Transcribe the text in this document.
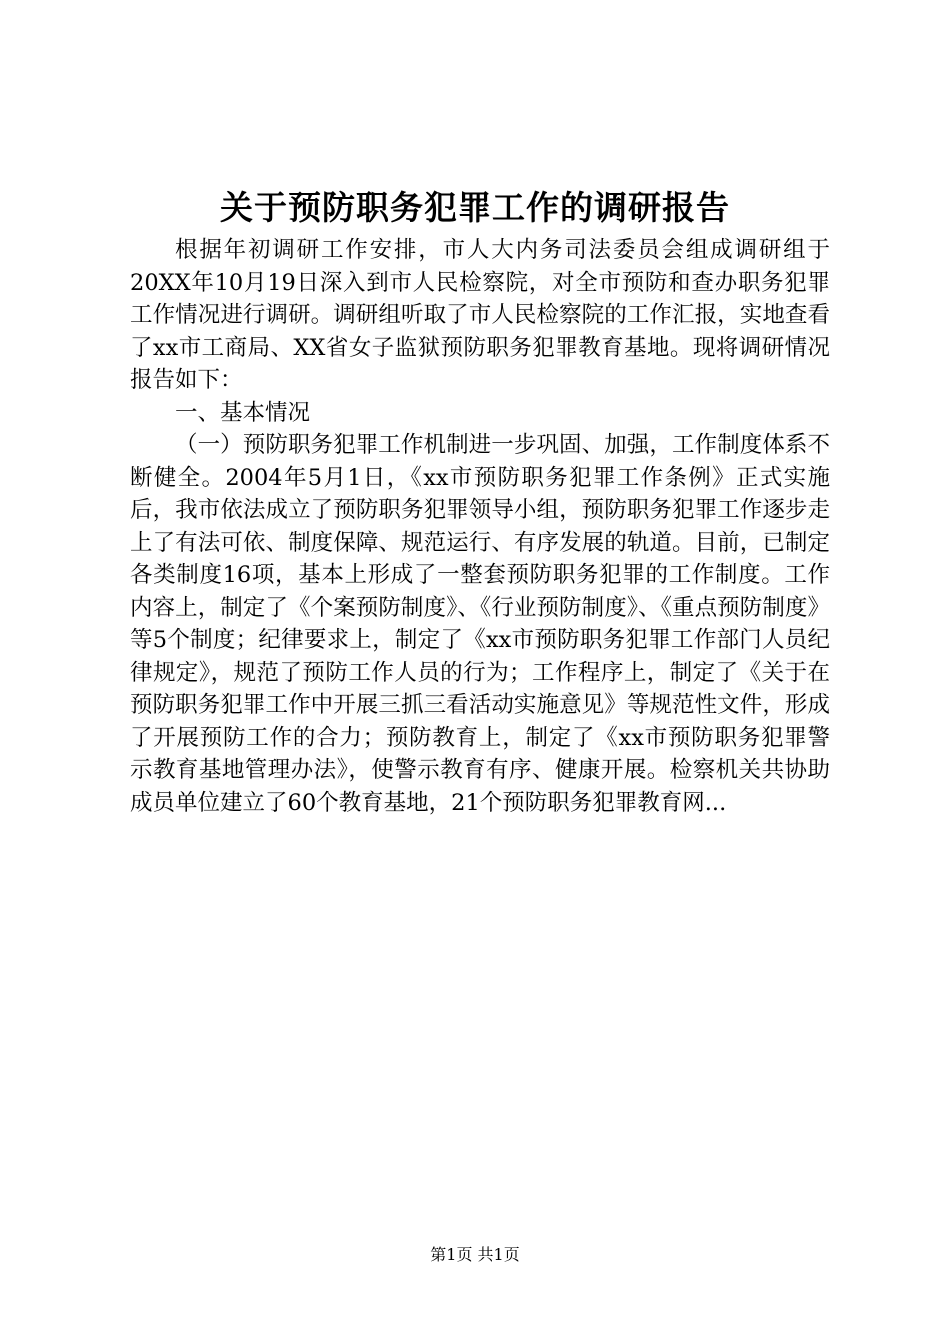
关于预防职务犯罪工作的调研报告

根据年初调研工作安排，市人大内务司法委员会组成调研组于20XX年10月19日深入到市人民检察院，对全市预防和查办职务犯罪工作情况进行调研。调研组听取了市人民检察院的工作汇报，实地查看了xx市工商局、XX省女子监狱预防职务犯罪教育基地。现将调研情况报告如下：

一、基本情况

（一）预防职务犯罪工作机制进一步巩固、加强，工作制度体系不断健全。2004年5月1日，《xx市预防职务犯罪工作条例》正式实施后，我市依法成立了预防职务犯罪领导小组，预防职务犯罪工作逐步走上了有法可依、制度保障、规范运行、有序发展的轨道。目前，已制定各类制度16项，基本上形成了一整套预防职务犯罪的工作制度。工作内容上，制定了《个案预防制度》、《行业预防制度》、《重点预防制度》等5个制度；纪律要求上，制定了《xx市预防职务犯罪工作部门人员纪律规定》，规范了预防工作人员的行为；工作程序上，制定了《关于在预防职务犯罪工作中开展三抓三看活动实施意见》等规范性文件，形成了开展预防工作的合力；预防教育上，制定了《xx市预防职务犯罪警示教育基地管理办法》，使警示教育有序、健康开展。检察机关共协助成员单位建立了60个教育基地，21个预防职务犯罪教育网...

第1页 共1页
